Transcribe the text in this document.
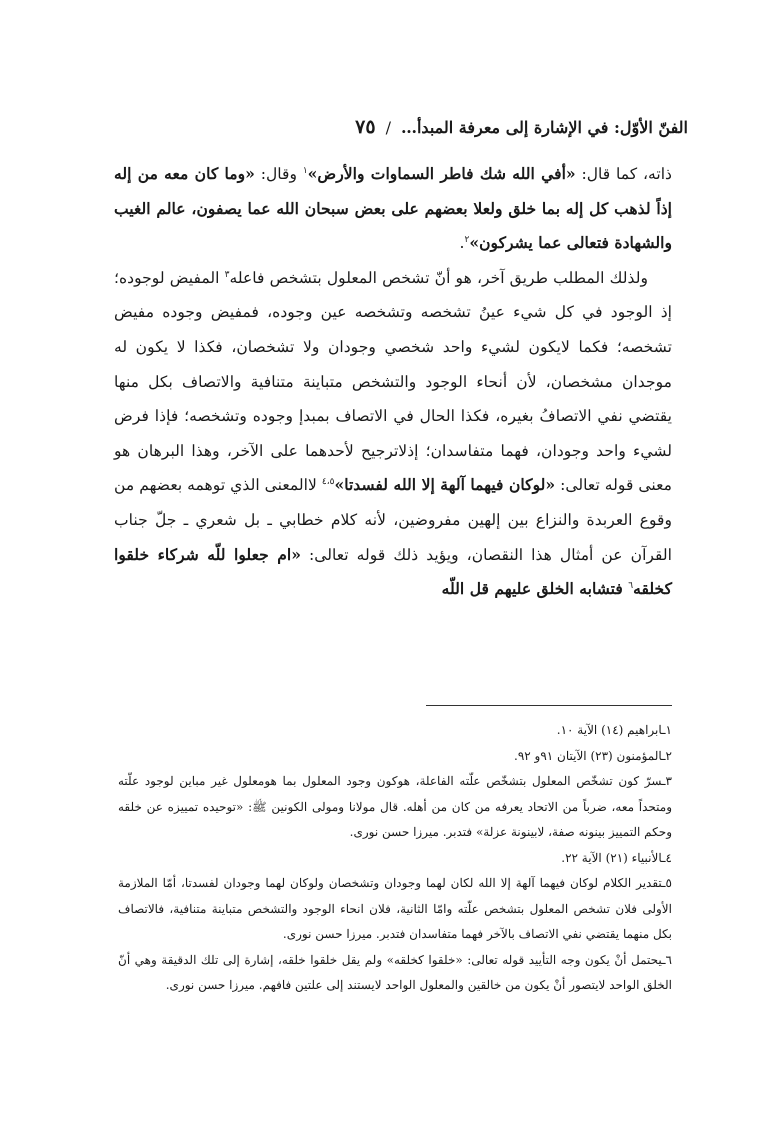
الفنّ الأوّل: في الإشارة إلى معرفة المبدأ…
/
٧٥

ذاته، كما قال: «أفي الله شك فاطر السماوات والأرض»$^١$ وقال: «وما كان معه من إله إذاً لذهب كل إله بما خلق ولعلا بعضهم على بعض سبحان الله عما يصفون، عالم الغيب والشهادة فتعالى عما يشركون»$^٢$.

ولذلك المطلب طريق آخر، هو أنّ تشخص المعلول بتشخص فاعله$^٣$ المفيض لوجوده؛ إذ الوجود في كل شيء عينُ تشخصه وتشخصه عين وجوده، فمفيض وجوده مفيض تشخصه؛ فكما لايكون لشيء واحد شخصي وجودان ولا تشخصان، فكذا لا يكون له موجدان مشخصان، لأن أنحاء الوجود والتشخص متباينة متنافية والاتصاف بكل منها يقتضي نفي الاتصافُ بغيره، فكذا الحال في الاتصاف بمبدإ وجوده وتشخصه؛ فإذا فرض لشيء واحد وجودان، فهما متفاسدان؛ إذلاترجيح لأحدهما على الآخر، وهذا البرهان هو معنى قوله تعالى: «لوكان فيهما آلهة إلا الله لفسدتا»$^{٤،٥}$ لاالمعنى الذي توهمه بعضهم من وقوع العربدة والنزاع بين إلهين مفروضين، لأنه كلام خطابي ـ بل شعري ـ جلّ جناب القرآن عن أمثال هذا النقصان، ويؤيد ذلك قوله تعالى: «ام جعلوا للّه شركاء خلقوا كخلقه$^٦$ فتشابه الخلق عليهم قل اللّه

١ـابراهيم (١٤) الآية ١٠.

٢ـالمؤمنون (٢٣) الآيتان ٩١و ٩٢.

٣ـسرّ كون تشخّص المعلول بتشخّص علّته الفاعلة، هوكون وجود المعلول بما هومعلول غير مباين لوجود علّته ومتحداً معه، ضرباً من الاتحاد يعرفه من كان من أهله. قال مولانا ومولى الكونين ﷺ: «توحيده تمييزه عن خلقه وحكم التمييز بينونه صفة، لابينونة عزلة» فتدبر. ميرزا حسن نوری.

٤ـالأنبياء (٢١) الآية ٢٢.

٥ـتقدير الكلام لوكان فيهما آلهة إلا الله لكان لهما وجودان وتشخصان ولوكان لهما وجودان لفسدتا، أمّا الملازمة الأولى فلان تشخص المعلول بتشخص علّته وامّا الثانية، فلان انحاء الوجود والتشخص متباينة متنافية، فالاتصاف بكل منهما يقتضي نفي الاتصاف بالآخر فهما متفاسدان فتدبر. ميرزا حسن نوری.

٦ـيحتمل أنْ يكون وجه التأييد قوله تعالى: «خلقوا كخلقه» ولم يقل خلقوا خلقه، إشارة إلى تلك الدقيقة وهي أنّ الخلق الواحد لايتصور أنْ يكون من خالقين والمعلول الواحد لايستند إلى علتين فافهم. ميرزا حسن نوری.
